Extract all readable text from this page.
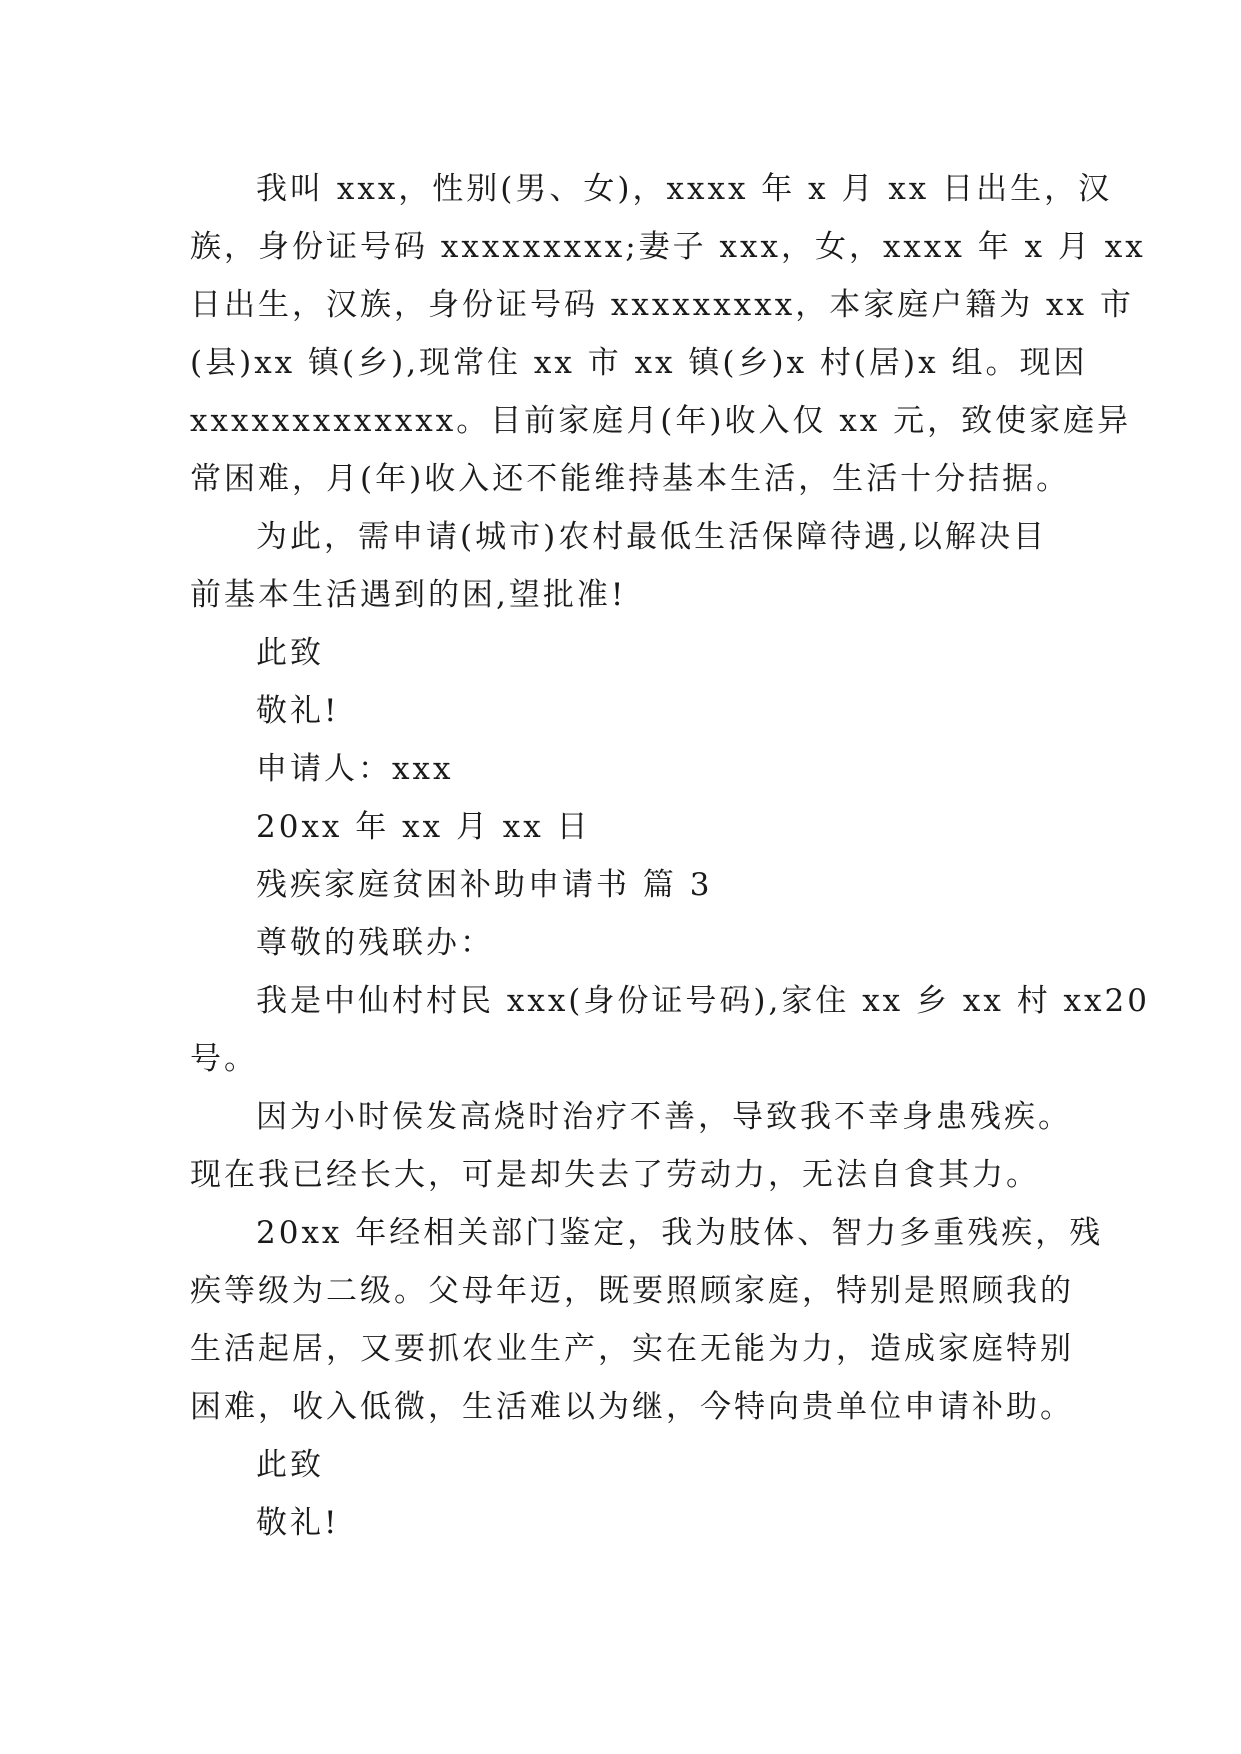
我叫 xxx，性别(男、女)，xxxx 年 x 月 xx 日出生，汉
族，身份证号码 xxxxxxxxx;妻子 xxx，女，xxxx 年 x 月 xx
日出生，汉族，身份证号码 xxxxxxxxx，本家庭户籍为 xx 市
(县)xx 镇(乡),现常住 xx 市 xx 镇(乡)x 村(居)x 组。现因
xxxxxxxxxxxxx。目前家庭月(年)收入仅 xx 元，致使家庭异
常困难，月(年)收入还不能维持基本生活，生活十分拮据。
为此，需申请(城市)农村最低生活保障待遇,以解决目
前基本生活遇到的困,望批准!
此致
敬礼!
申请人：xxx
20xx 年 xx 月 xx 日
残疾家庭贫困补助申请书 篇 3
尊敬的残联办：
我是中仙村村民 xxx(身份证号码),家住 xx 乡 xx 村 xx20
号。
因为小时侯发高烧时治疗不善，导致我不幸身患残疾。
现在我已经长大，可是却失去了劳动力，无法自食其力。
20xx 年经相关部门鉴定，我为肢体、智力多重残疾，残
疾等级为二级。父母年迈，既要照顾家庭，特别是照顾我的
生活起居，又要抓农业生产，实在无能为力，造成家庭特别
困难，收入低微，生活难以为继，今特向贵单位申请补助。
此致
敬礼!
